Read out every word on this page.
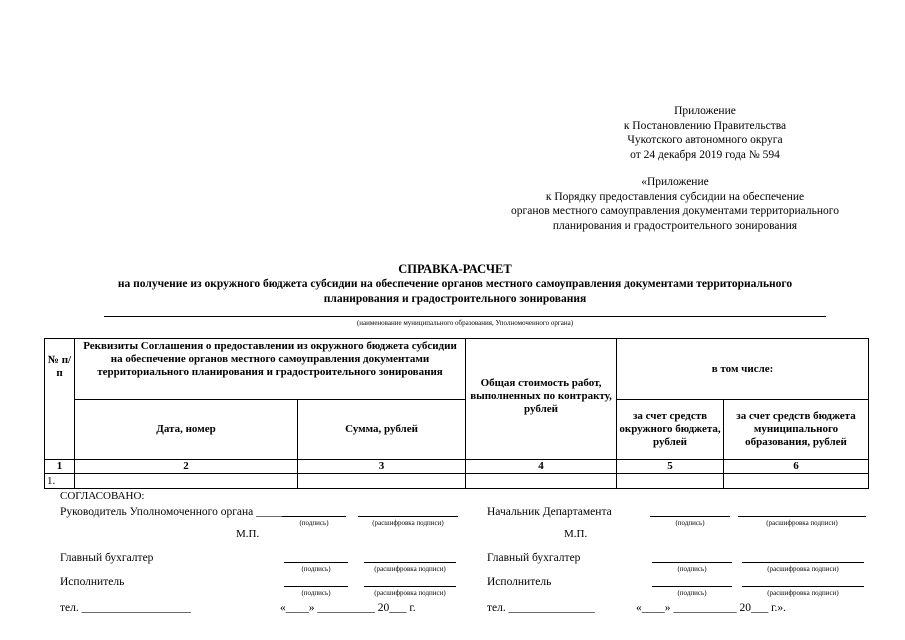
Приложение
к Постановлению Правительства
Чукотского автономного округа
от 24 декабря 2019 года № 594
«Приложение
к Порядку предоставления субсидии на обеспечение
органов местного самоуправления документами территориального
планирования и градостроительного зонирования
СПРАВКА-РАСЧЕТ
на получение из окружного бюджета субсидии на обеспечение органов местного самоуправления документами территориального
планирования и градостроительного зонирования
(наименование муниципального образования, Уполномоченного органа)
№ п/п	Реквизиты Соглашения о предоставлении из окружного бюджета субсидии на обеспечение органов местного самоуправления документами территориального планирования и градостроительного зонирования		Общая стоимость работ, выполненных по контракту, рублей	в том числе:	
	Дата, номер	Сумма, рублей		за счет средств окружного бюджета, рублей	за счет средств бюджета муниципального образования, рублей
1	2	3	4	5	6
1.					
СОГЛАСОВАНО:
Руководитель Уполномоченного органа _________
(подпись)	(расшифровка подписи)
М.П.
Начальник Департамента
(подпись)	(расшифровка подписи)
М.П.
Главный бухгалтер
(подпись)	(расшифровка подписи)
Главный бухгалтер
(подпись)	(расшифровка подписи)
Исполнитель
(подпись)	(расшифровка подписи)
Исполнитель
(подпись)	(расшифровка подписи)
тел. ___________________	«____» __________ 20___ г.	тел. _______________	«____» ___________ 20___ г.».
